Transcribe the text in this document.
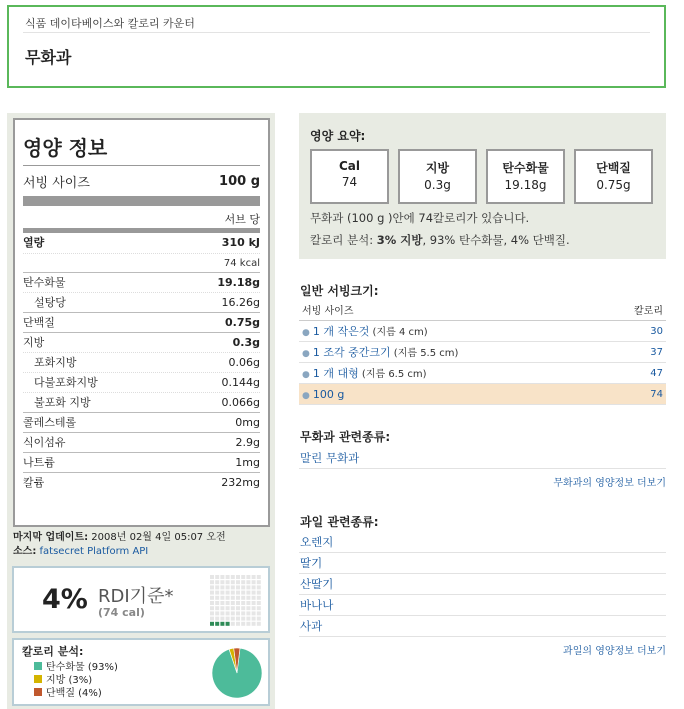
식품 데이타베이스와 칼로리 카운터
무화과
영양 정보
서빙 사이즈	100 g
서브 당
열량	310 kJ
74 kcal
탄수화물	19.18g
설탕당	16.26g
단백질	0.75g
지방	0.3g
포화지방	0.06g
다불포화지방	0.144g
불포화 지방	0.066g
콜레스테롤	0mg
식이섬유	2.9g
나트륨	1mg
칼륨	232mg
마지막 업데이트: 2008년 02월 4일 05:07 오전
소스: fatsecret Platform API
4% RDI기준*
(74 cal)
칼로리 분석:
탄수화물 (93%)
지방 (3%)
단백질 (4%)
영양 요약:
Cal
74
지방
0.3g
탄수화물
19.18g
단백질
0.75g
무화과 (100 g )안에 74칼로리가 있습니다.
칼로리 분석: 3% 지방, 93% 탄수화물, 4% 단백질.
일반 서빙크기:
서빙 사이즈	칼로리
● 1 개 작은것 (지름 4 cm)	30
● 1 조각 중간크기 (지름 5.5 cm)	37
● 1 개 대형 (지름 6.5 cm)	47
● 100 g	74
무화과 관련종류:
말린 무화과
무화과의 영양정보 더보기
과일 관련종류:
오렌지
딸기
산딸기
바나나
사과
과일의 영양정보 더보기
